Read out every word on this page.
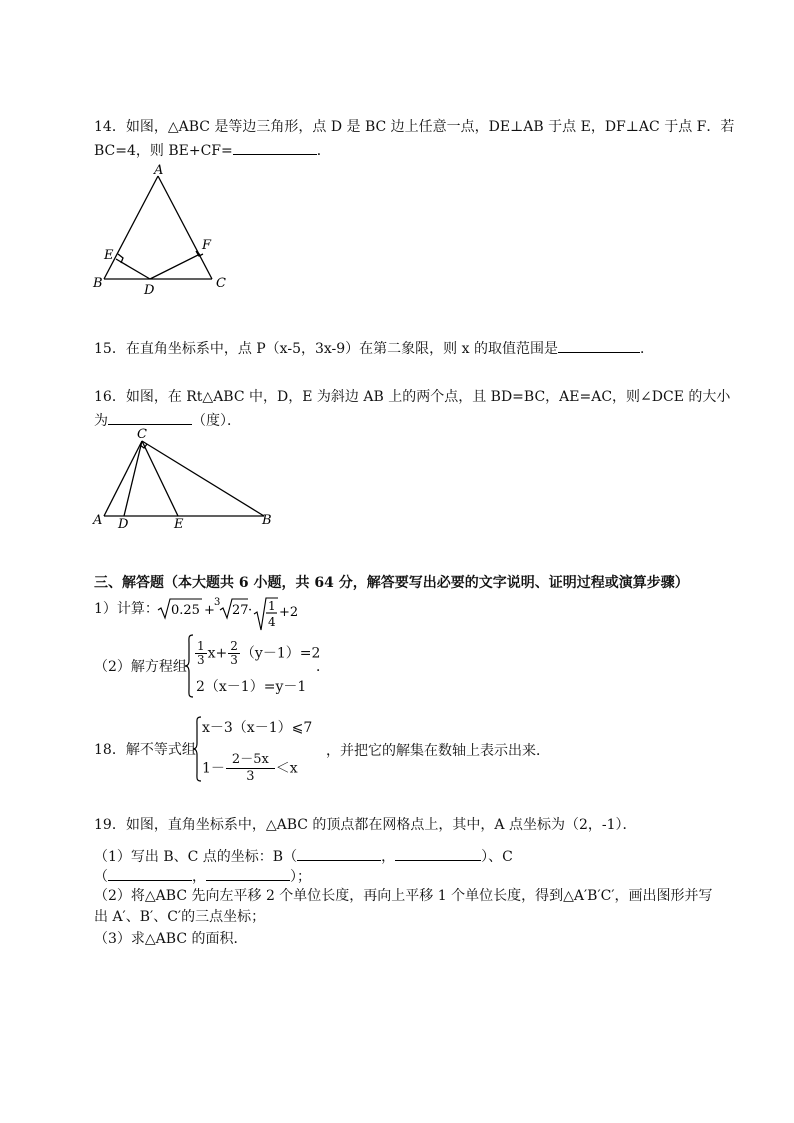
14．如图，△ABC 是等边三角形，点 D 是 BC 边上任意一点，DE⊥AB 于点 E，DF⊥AC 于点 F．若
BC=4，则 BE+CF=	．
A
B	C
D
E
F
15．在直角坐标系中，点 P（x-5，3x-9）在第二象限，则 x 的取值范围是	．
16．如图，在 Rt△ABC 中，D，E 为斜边 AB 上的两个点，且 BD=BC，AE=AC，则∠DCE 的大小
为	（度）．
C
A	B
D	E
三、解答题（本大题共 6 小题，共 64 分，解答要写出必要的文字说明、证明过程或演算步骤）
1）计算： 0.25 +
3
27 · 1
4
+2
（2）解方程组 $\frac{1}{3} x+ \frac{2}{3} (y-1)=2$
2（x－1）=y－1
．
18．解不等式组
x－3（x－1）⩽7
$1- \frac{2-5x}{3} <x$
，并把它的解集在数轴上表示出来．
19．如图，直角坐标系中，△ABC 的顶点都在网格点上，其中，A 点坐标为（2，-1）．
（1）写出 B、C 点的坐标：B（	，	）、C
（	，	）；
（2）将△ABC 先向左平移 2 个单位长度，再向上平移 1 个单位长度，得到△A′B′C′，画出图形并写
出 A′、B′、C′的三点坐标；
（3）求△ABC 的面积．
